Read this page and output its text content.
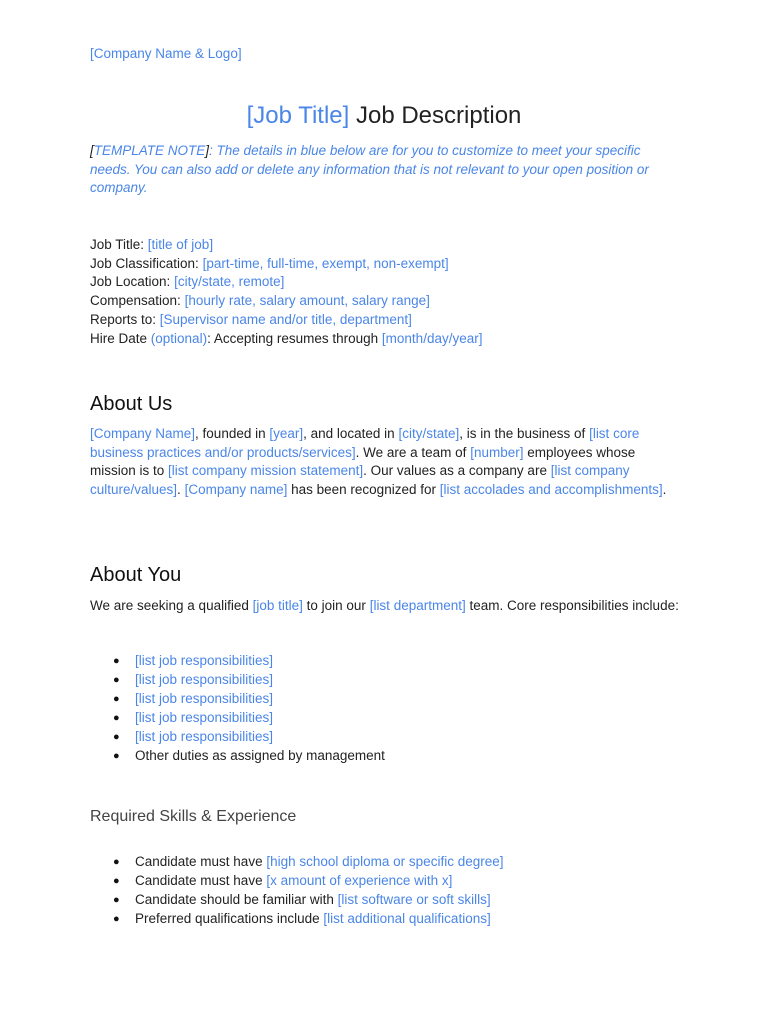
[Company Name & Logo]
[Job Title] Job Description

[TEMPLATE NOTE]: The details in blue below are for you to customize to meet your specific needs. You can also add or delete any information that is not relevant to your open position or company.

Job Title: [title of job]
Job Classification: [part-time, full-time, exempt, non-exempt]
Job Location: [city/state, remote]
Compensation: [hourly rate, salary amount, salary range]
Reports to: [Supervisor name and/or title, department]
Hire Date (optional): Accepting resumes through [month/day/year]
About Us

[Company Name], founded in [year], and located in [city/state], is in the business of [list core business practices and/or products/services]. We are a team of [number] employees whose mission is to [list company mission statement]. Our values as a company are [list company culture/values]. [Company name] has been recognized for [list accolades and accomplishments].

About You

We are seeking a qualified [job title] to join our [list department] team. Core responsibilities include:

● [list job responsibilities]
● [list job responsibilities]
● [list job responsibilities]
● [list job responsibilities]
● [list job responsibilities]
● Other duties as assigned by management
Required Skills & Experience
● Candidate must have [high school diploma or specific degree]
● Candidate must have [x amount of experience with x]
● Candidate should be familiar with [list software or soft skills]
● Preferred qualifications include [list additional qualifications]
